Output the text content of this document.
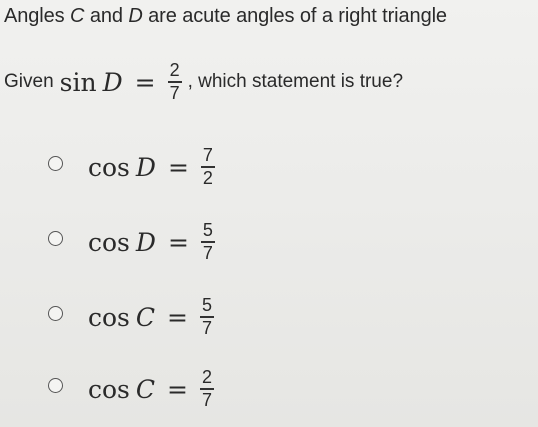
Angles C and D are acute angles of a right triangle
Given $\sin D = \frac{2}{7}$ , which statement is true?
$\cos D = \frac{7}{2}$
$\cos D = \frac{5}{7}$
$\cos C = \frac{5}{7}$
$\cos C = \frac{2}{7}$
